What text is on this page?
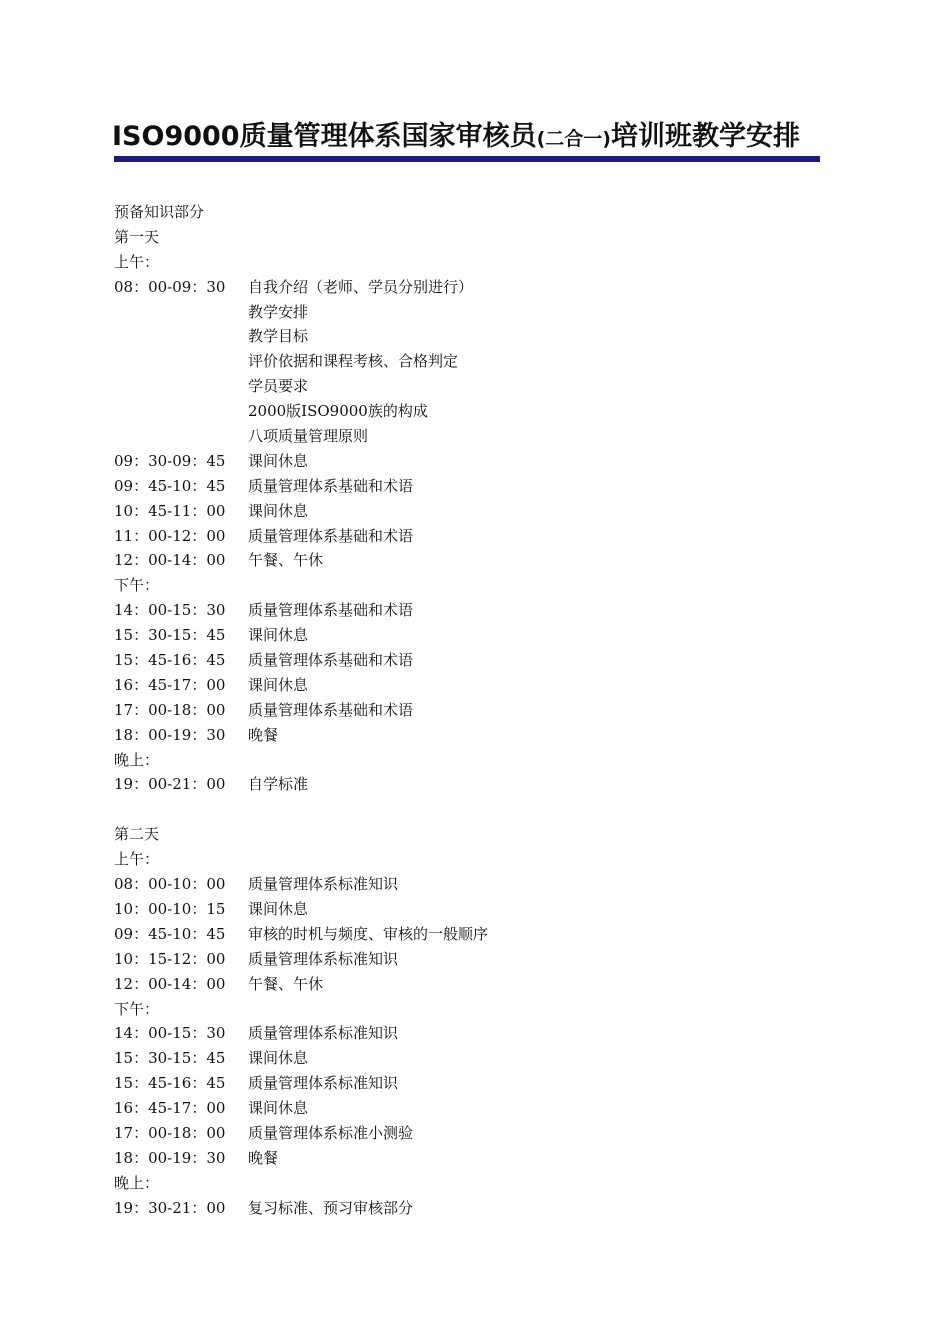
ISO9000质量管理体系国家审核员(二合一)培训班教学安排
预备知识部分
第一天
上午：
08：00-09：30 自我介绍（老师、学员分别进行）
教学安排
教学目标
评价依据和课程考核、合格判定
学员要求
2000版ISO9000族的构成
八项质量管理原则
09：30-09：45 课间休息
09：45-10：45 质量管理体系基础和术语
10：45-11：00 课间休息
11：00-12：00 质量管理体系基础和术语
12：00-14：00 午餐、午休
下午：
14：00-15：30 质量管理体系基础和术语
15：30-15：45 课间休息
15：45-16：45 质量管理体系基础和术语
16：45-17：00 课间休息
17：00-18：00 质量管理体系基础和术语
18：00-19：30 晚餐
晚上：
19：00-21：00 自学标准
第二天
上午：
08：00-10：00 质量管理体系标准知识
10：00-10：15 课间休息
09：45-10：45 审核的时机与频度、审核的一般顺序
10：15-12：00 质量管理体系标准知识
12：00-14：00 午餐、午休
下午：
14：00-15：30 质量管理体系标准知识
15：30-15：45 课间休息
15：45-16：45 质量管理体系标准知识
16：45-17：00 课间休息
17：00-18：00 质量管理体系标准小测验
18：00-19：30 晚餐
晚上：
19：30-21：00 复习标准、预习审核部分
